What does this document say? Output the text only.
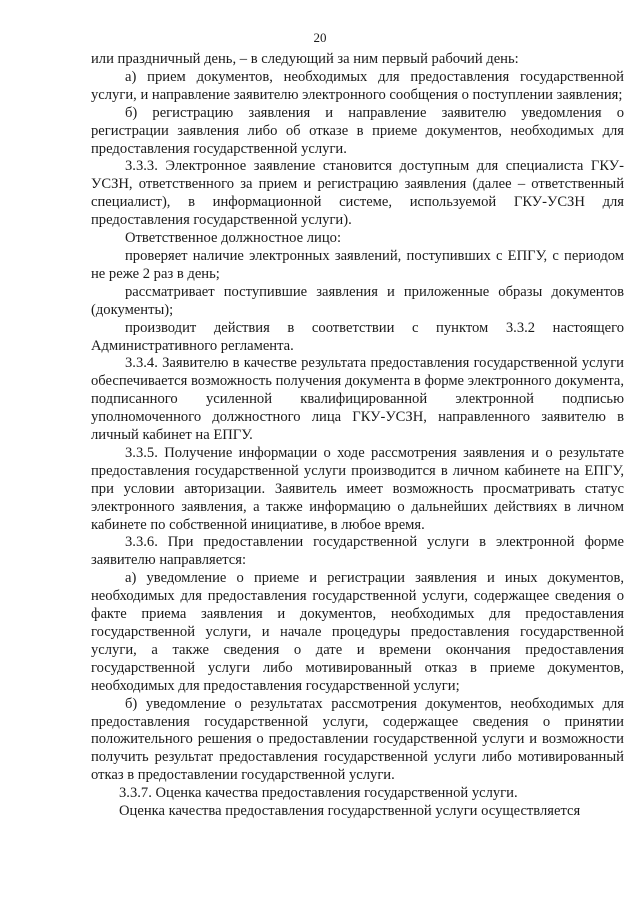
20

или праздничный день, – в следующий за ним первый рабочий день:

а) прием документов, необходимых для предоставления государственной услуги, и направление заявителю электронного сообщения о поступлении заявления;

б) регистрацию заявления и направление заявителю уведомления о регистрации заявления либо об отказе в приеме документов, необходимых для предоставления государственной услуги.

3.3.3. Электронное заявление становится доступным для специалиста ГКУ-УСЗН, ответственного за прием и регистрацию заявления (далее – ответственный специалист), в информационной системе, используемой ГКУ-УСЗН для предоставления государственной услуги).

Ответственное должностное лицо:

проверяет наличие электронных заявлений, поступивших с ЕПГУ, с периодом не реже 2 раз в день;

рассматривает поступившие заявления и приложенные образы документов (документы);

производит действия в соответствии с пунктом 3.3.2 настоящего Административного регламента.

3.3.4. Заявителю в качестве результата предоставления государственной услуги обеспечивается возможность получения документа в форме электронного документа, подписанного усиленной квалифицированной электронной подписью уполномоченного должностного лица ГКУ-УСЗН, направленного заявителю в личный кабинет на ЕПГУ.

3.3.5. Получение информации о ходе рассмотрения заявления и о результате предоставления государственной услуги производится в личном кабинете на ЕПГУ, при условии авторизации. Заявитель имеет возможность просматривать статус электронного заявления, а также информацию о дальнейших действиях в личном кабинете по собственной инициативе, в любое время.

3.3.6. При предоставлении государственной услуги в электронной форме заявителю направляется:

а) уведомление о приеме и регистрации заявления и иных документов, необходимых для предоставления государственной услуги, содержащее сведения о факте приема заявления и документов, необходимых для предоставления государственной услуги, и начале процедуры предоставления государственной услуги, а также сведения о дате и времени окончания предоставления государственной услуги либо мотивированный отказ в приеме документов, необходимых для предоставления государственной услуги;

б) уведомление о результатах рассмотрения документов, необходимых для предоставления государственной услуги, содержащее сведения о принятии положительного решения о предоставлении государственной услуги и возможности получить результат предоставления государственной услуги либо мотивированный отказ в предоставлении государственной услуги.

3.3.7. Оценка качества предоставления государственной услуги.

Оценка качества предоставления государственной услуги осуществляется
